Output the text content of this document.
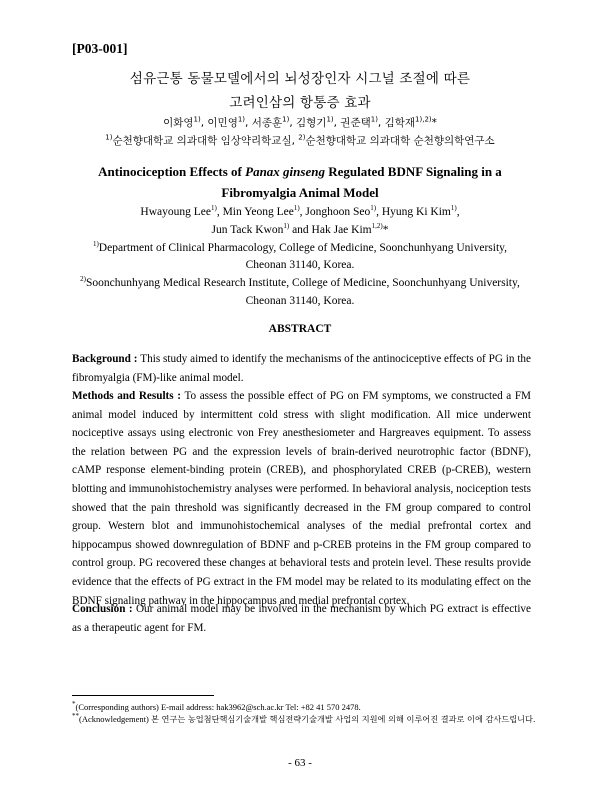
[P03-001]
섬유근통 동물모델에서의 뇌성장인자 시그널 조절에 따른
고려인삼의 항통증 효과
이화영$^{1)}$, 이민영$^{1)}$, 서종훈$^{1)}$, 김형기$^{1)}$, 권준택$^{1)}$, 김학재$^{1),2)}$*
$^{1)}$순천향대학교 의과대학 임상약리학교실, $^{2)}$순천향대학교 의과대학 순천향의학연구소
Antinociception Effects of Panax ginseng Regulated BDNF Signaling in a
Fibromyalgia Animal Model
Hwayoung Lee$^{1)}$, Min Yeong Lee$^{1)}$, Jonghoon Seo$^{1)}$, Hyung Ki Kim$^{1)}$,
Jun Tack Kwon$^{1)}$ and Hak Jae Kim$^{1,2)}$*
$^{1)}$Department of Clinical Pharmacology, College of Medicine, Soonchunhyang University,
Cheonan 31140, Korea.
$^{2)}$Soonchunhyang Medical Research Institute, College of Medicine, Soonchunhyang University,
Cheonan 31140, Korea.
ABSTRACT
Background : This study aimed to identify the mechanisms of the antinociceptive effects of PG in the fibromyalgia (FM)-like animal model.
Methods and Results : To assess the possible effect of PG on FM symptoms, we constructed a FM animal model induced by intermittent cold stress with slight modification. All mice underwent nociceptive assays using electronic von Frey anesthesiometer and Hargreaves equipment. To assess the relation between PG and the expression levels of brain-derived neurotrophic factor (BDNF), cAMP response element-binding protein (CREB), and phosphorylated CREB (p-CREB), western blotting and immunohistochemistry analyses were performed. In behavioral analysis, nociception tests showed that the pain threshold was significantly decreased in the FM group compared to control group. Western blot and immunohistochemical analyses of the medial prefrontal cortex and hippocampus showed downregulation of BDNF and p-CREB proteins in the FM group compared to control group. PG recovered these changes at behavioral tests and protein level. These results provide evidence that the effects of PG extract in the FM model may be related to its modulating effect on the BDNF signaling pathway in the hippocampus and medial prefrontal cortex.
Conclusion : Our animal model may be involved in the mechanism by which PG extract is effective as a therapeutic agent for FM.
*(Corresponding authors) E-mail address: hak3962@sch.ac.kr Tel: +82 41 570 2478.
**(Acknowledgement) 본 연구는 농업첨단핵심기술개발 핵심전략기술개발 사업의 지원에 의해 이루어진 결과로 이에 감사드립니다.
- 63 -
